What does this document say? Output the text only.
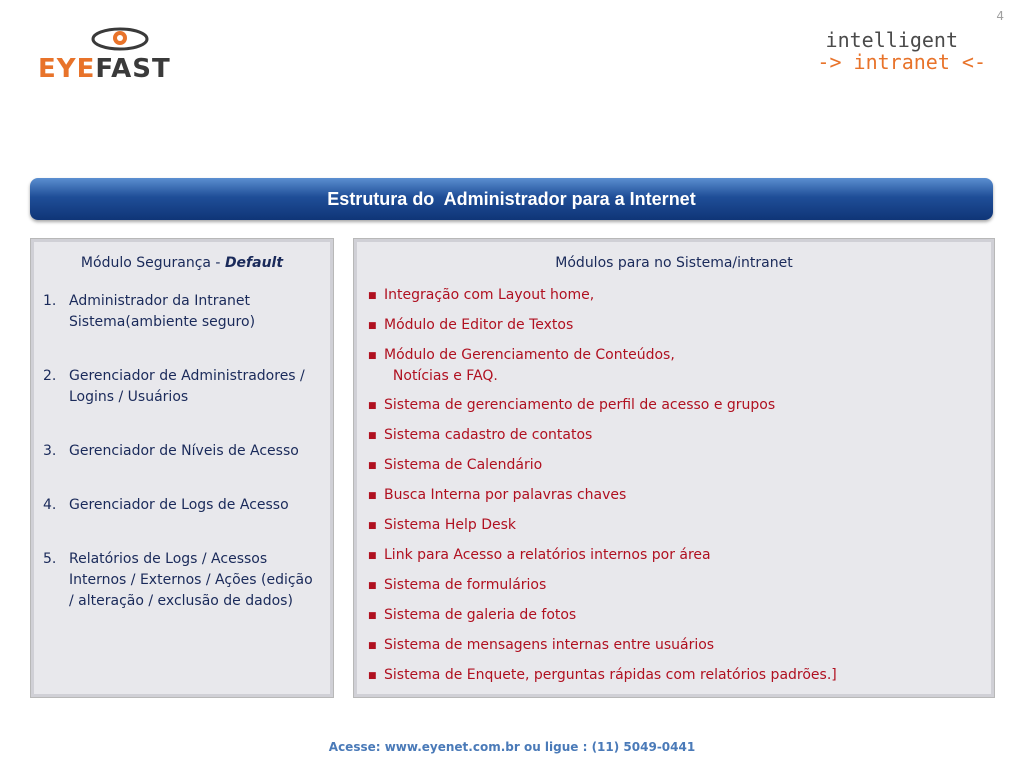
4
EYEFAST
intelligent
-> intranet <-
Estrutura do  Administrador para a Internet
Módulo Segurança - Default
1. Administrador da Intranet Sistema(ambiente seguro)
2. Gerenciador de Administradores / Logins / Usuários
3. Gerenciador de Níveis de Acesso
4. Gerenciador de Logs de Acesso
5. Relatórios de Logs / Acessos Internos / Externos / Ações (edição / alteração / exclusão de dados)
Módulos para no Sistema/intranet
■ Integração com Layout home,
■ Módulo de Editor de Textos
■ Módulo de Gerenciamento de Conteúdos,
Notícias e FAQ.
■ Sistema de gerenciamento de perfil de acesso e grupos
■ Sistema cadastro de contatos
■ Sistema de Calendário
■ Busca Interna por palavras chaves
■ Sistema Help Desk
■ Link para Acesso a relatórios internos por área
■ Sistema de formulários
■ Sistema de galeria de fotos
■ Sistema de mensagens internas entre usuários
■ Sistema de Enquete, perguntas rápidas com relatórios padrões.]
Acesse: www.eyenet.com.br ou ligue : (11) 5049-0441
